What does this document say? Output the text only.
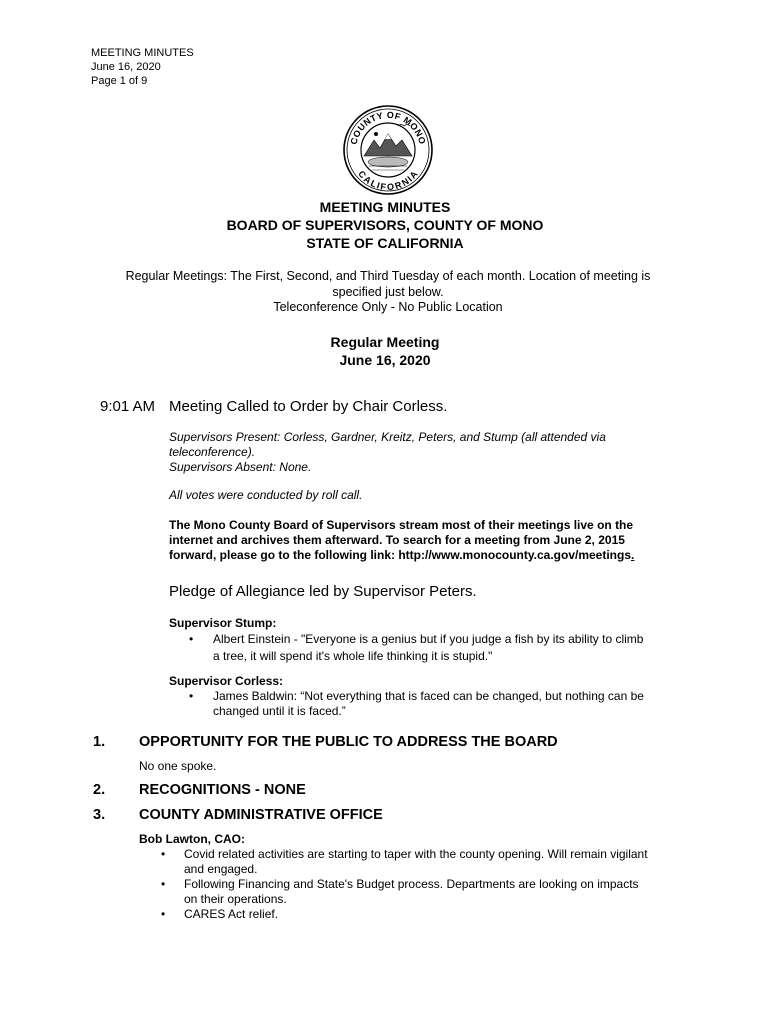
MEETING MINUTES
June 16, 2020
Page 1 of 9
COUNTY OF MONO
CALIFORNIA
MEETING MINUTES
BOARD OF SUPERVISORS, COUNTY OF MONO
STATE OF CALIFORNIA
Regular Meetings: The First, Second, and Third Tuesday of each month. Location of meeting is
specified just below.
Teleconference Only - No Public Location
Regular Meeting
June 16, 2020
9:01 AM Meeting Called to Order by Chair Corless.
Supervisors Present: Corless, Gardner, Kreitz, Peters, and Stump (all attended via
teleconference).
Supervisors Absent: None.
All votes were conducted by roll call.
The Mono County Board of Supervisors stream most of their meetings live on the
internet and archives them afterward. To search for a meeting from June 2, 2015
forward, please go to the following link: http://www.monocounty.ca.gov/meetings.
Pledge of Allegiance led by Supervisor Peters.
Supervisor Stump:
• Albert Einstein - "Everyone is a genius but if you judge a fish by its ability to climb
a tree, it will spend it's whole life thinking it is stupid."
Supervisor Corless:
• James Baldwin: “Not everything that is faced can be changed, but nothing can be
changed until it is faced.”
1. OPPORTUNITY FOR THE PUBLIC TO ADDRESS THE BOARD
No one spoke.
2. RECOGNITIONS - NONE
3. COUNTY ADMINISTRATIVE OFFICE
Bob Lawton, CAO:
• Covid related activities are starting to taper with the county opening. Will remain vigilant
and engaged.
• Following Financing and State's Budget process. Departments are looking on impacts
on their operations.
• CARES Act relief.
